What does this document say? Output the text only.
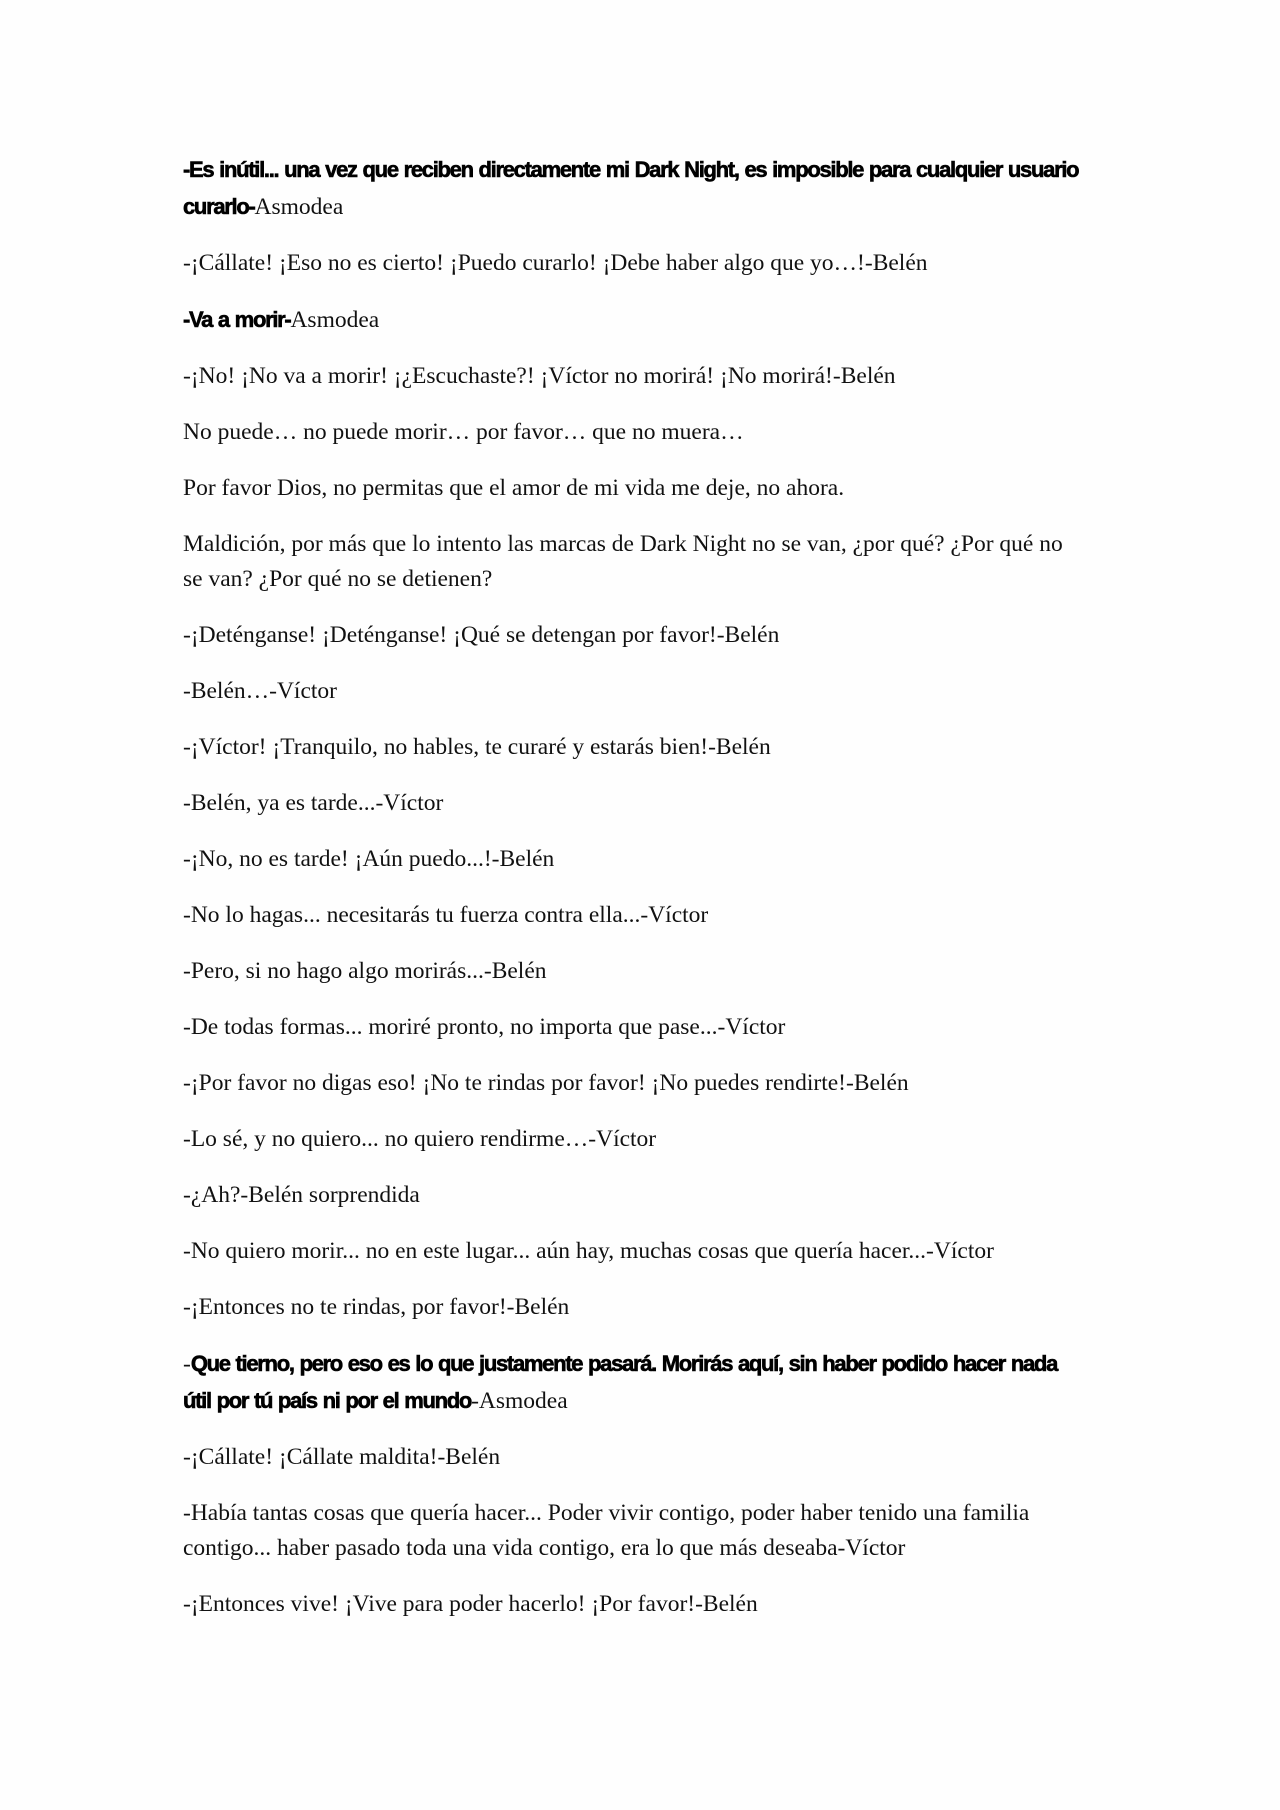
-Es inútil... una vez que reciben directamente mi Dark Night, es imposible para cualquier usuario curarlo-Asmodea

-¡Cállate! ¡Eso no es cierto! ¡Puedo curarlo! ¡Debe haber algo que yo…!-Belén

-Va a morir-Asmodea

-¡No! ¡No va a morir! ¡¿Escuchaste?! ¡Víctor no morirá! ¡No morirá!-Belén

No puede… no puede morir… por favor… que no muera…

Por favor Dios, no permitas que el amor de mi vida me deje, no ahora.

Maldición, por más que lo intento las marcas de Dark Night no se van, ¿por qué? ¿Por qué no se van? ¿Por qué no se detienen?

-¡Deténganse! ¡Deténganse! ¡Qué se detengan por favor!-Belén

-Belén…-Víctor

-¡Víctor! ¡Tranquilo, no hables, te curaré y estarás bien!-Belén

-Belén, ya es tarde...-Víctor

-¡No, no es tarde! ¡Aún puedo...!-Belén

-No lo hagas... necesitarás tu fuerza contra ella...-Víctor

-Pero, si no hago algo morirás...-Belén

-De todas formas... moriré pronto, no importa que pase...-Víctor

-¡Por favor no digas eso! ¡No te rindas por favor! ¡No puedes rendirte!-Belén

-Lo sé, y no quiero... no quiero rendirme…-Víctor

-¿Ah?-Belén sorprendida

-No quiero morir... no en este lugar... aún hay, muchas cosas que quería hacer...-Víctor

-¡Entonces no te rindas, por favor!-Belén

-Que tierno, pero eso es lo que justamente pasará. Morirás aquí, sin haber podido hacer nada útil por tú país ni por el mundo-Asmodea

-¡Cállate! ¡Cállate maldita!-Belén

-Había tantas cosas que quería hacer... Poder vivir contigo, poder haber tenido una familia contigo... haber pasado toda una vida contigo, era lo que más deseaba-Víctor

-¡Entonces vive! ¡Vive para poder hacerlo! ¡Por favor!-Belén
